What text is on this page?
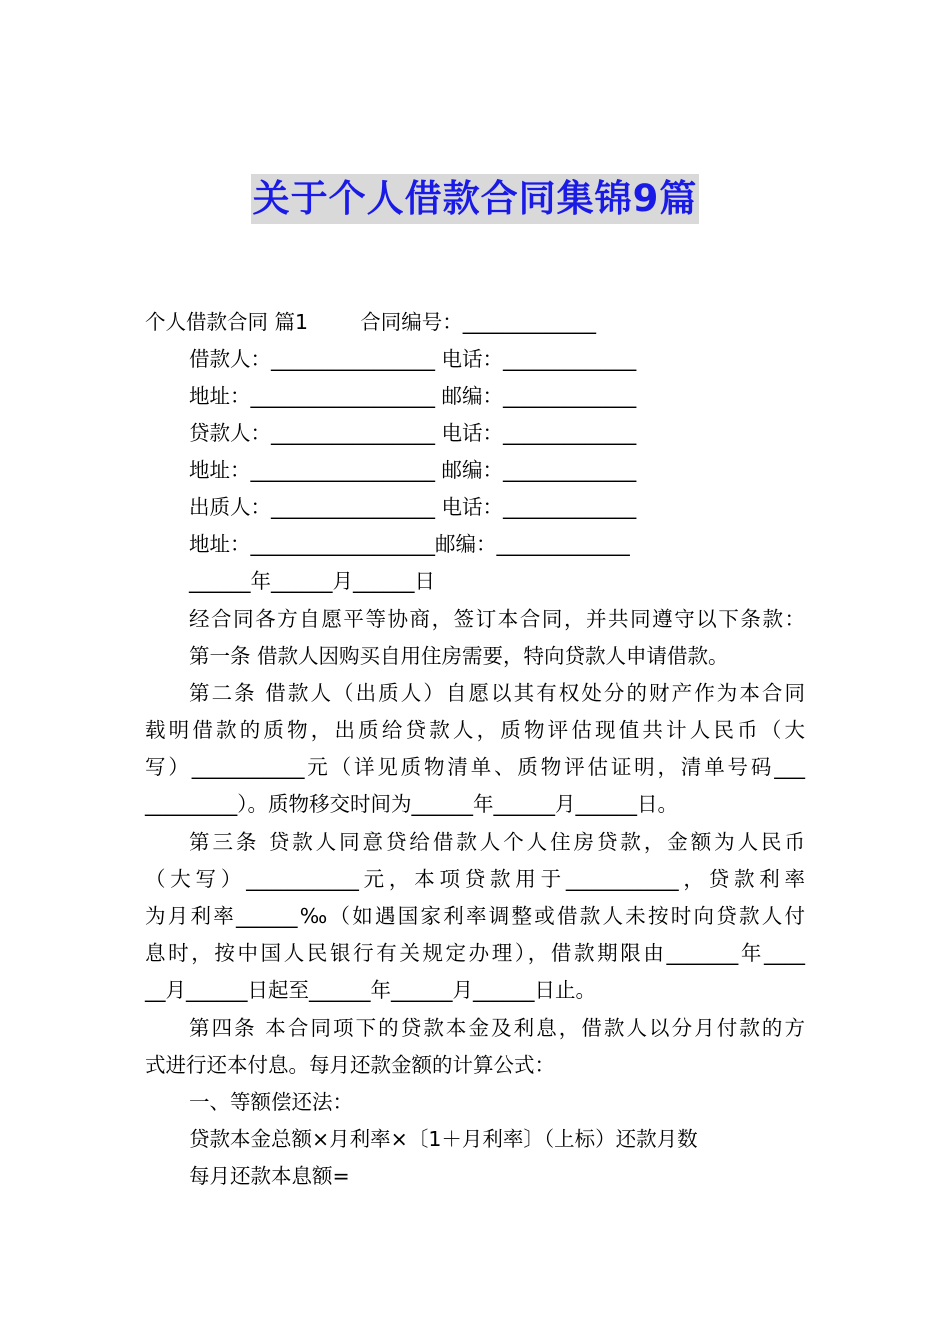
关于个人借款合同集锦9篇
个人借款合同 篇1        合同编号：_____________
借款人：________________ 电话：_____________
地址：__________________ 邮编：_____________
贷款人：________________ 电话：_____________
地址：__________________ 邮编：_____________
出质人：________________ 电话：_____________
地址：__________________邮编：_____________
______年______月______日
经合同各方自愿平等协商，签订本合同，并共同遵守以下条款：
第一条 借款人因购买自用住房需要，特向贷款人申请借款。
第二条 借款人（出质人）自愿以其有权处分的财产作为本合同
载明借款的质物，出质给贷款人，质物评估现值共计人民币（大
写）___________元（详见质物清单、质物评估证明，清单号码___
_________）。质物移交时间为______年______月______日。
第三条 贷款人同意贷给借款人个人住房贷款，金额为人民币
（大写）___________元，本项贷款用于___________，贷款利率
为月利率______‰（如遇国家利率调整或借款人未按时向贷款人付
息时，按中国人民银行有关规定办理），借款期限由_______年____
__月______日起至______年______月______日止。
第四条 本合同项下的贷款本金及利息，借款人以分月付款的方
式进行还本付息。每月还款金额的计算公式：
一、等额偿还法：
贷款本金总额×月利率×〔1＋月利率〕（上标）还款月数
每月还款本息额=
